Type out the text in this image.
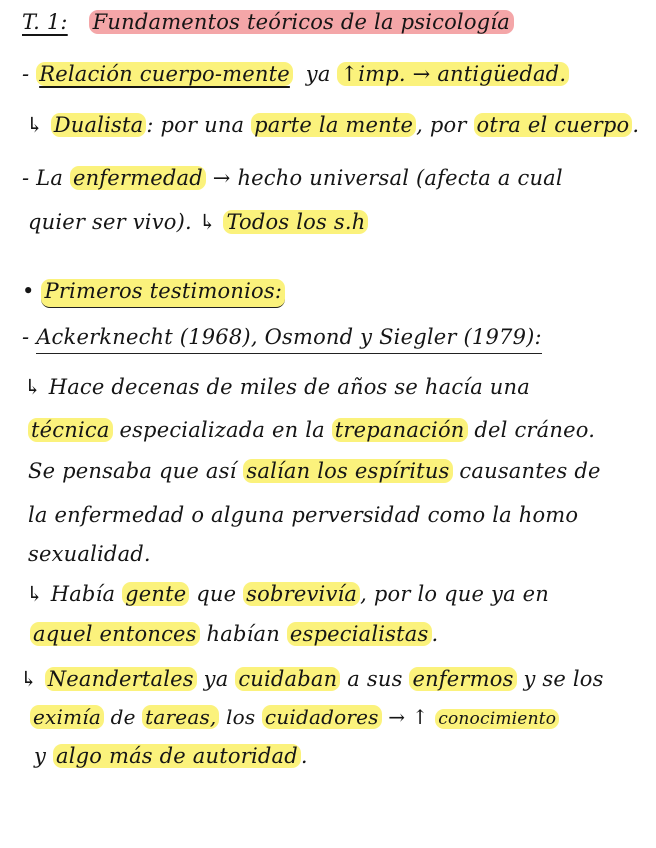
T. 1: Fundamentos teóricos de la psicología
- Relación cuerpo-mente ya ↑imp. → antigüedad.
↳ Dualista : por una parte la mente , por otra el cuerpo .
- La enfermedad → hecho universal (afecta a cual
quier ser vivo). ↳ Todos los s.h
• Primeros testimonios:
- Ackerknecht (1968), Osmond y Siegler (1979):
↳ Hace decenas de miles de años se hacía una
técnica especializada en la trepanación del cráneo.
Se pensaba que así salían los espíritus causantes de
la enfermedad o alguna perversidad como la homo
sexualidad.
↳ Había gente que sobrevivía , por lo que ya en
aquel entonces habían especialistas .
↳ Neandertales ya cuidaban a sus enfermos y se los
eximía de tareas, los cuidadores → ↑ conocimiento
y algo más de autoridad .
